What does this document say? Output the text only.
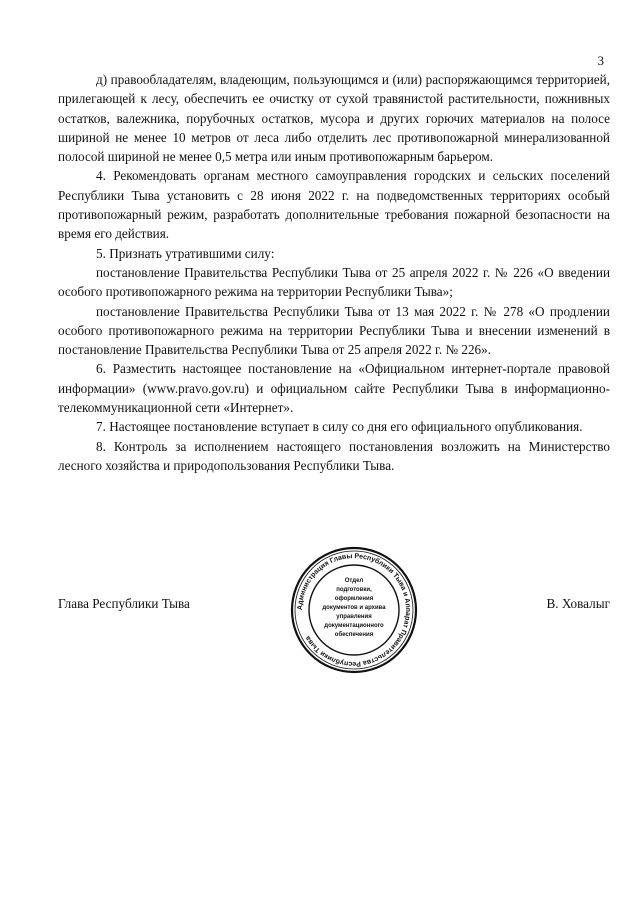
3

д) правообладателям, владеющим, пользующимся и (или) распоряжающимся территорией, прилегающей к лесу, обеспечить ее очистку от сухой травянистой растительности, пожнивных остатков, валежника, порубочных остатков, мусора и других горючих материалов на полосе шириной не менее 10 метров от леса либо отделить лес противопожарной минерализованной полосой шириной не менее 0,5 метра или иным противопожарным барьером.

4. Рекомендовать органам местного самоуправления городских и сельских поселений Республики Тыва установить с 28 июня 2022 г. на подведомственных территориях особый противопожарный режим, разработать дополнительные требования пожарной безопасности на время его действия.

5. Признать утратившими силу:

постановление Правительства Республики Тыва от 25 апреля 2022 г. № 226 «О введении особого противопожарного режима на территории Республики Тыва»;

постановление Правительства Республики Тыва от 13 мая 2022 г. № 278 «О продлении особого противопожарного режима на территории Республики Тыва и внесении изменений в постановление Правительства Республики Тыва от 25 апреля 2022 г. № 226».

6. Разместить настоящее постановление на «Официальном интернет-портале правовой информации» (www.pravo.gov.ru) и официальном сайте Республики Тыва в информационно-телекоммуникационной сети «Интернет».

7. Настоящее постановление вступает в силу со дня его официального опубликования.

8. Контроль за исполнением настоящего постановления возложить на Министерство лесного хозяйства и природопользования Республики Тыва.

Глава Республики Тыва	В. Ховалыг
Администрация Главы Республики Тыва и Аппарат Правительства Республики Тыва
Отдел
подготовки,
оформления
документов и архива
управления
документационного
обеспечения
